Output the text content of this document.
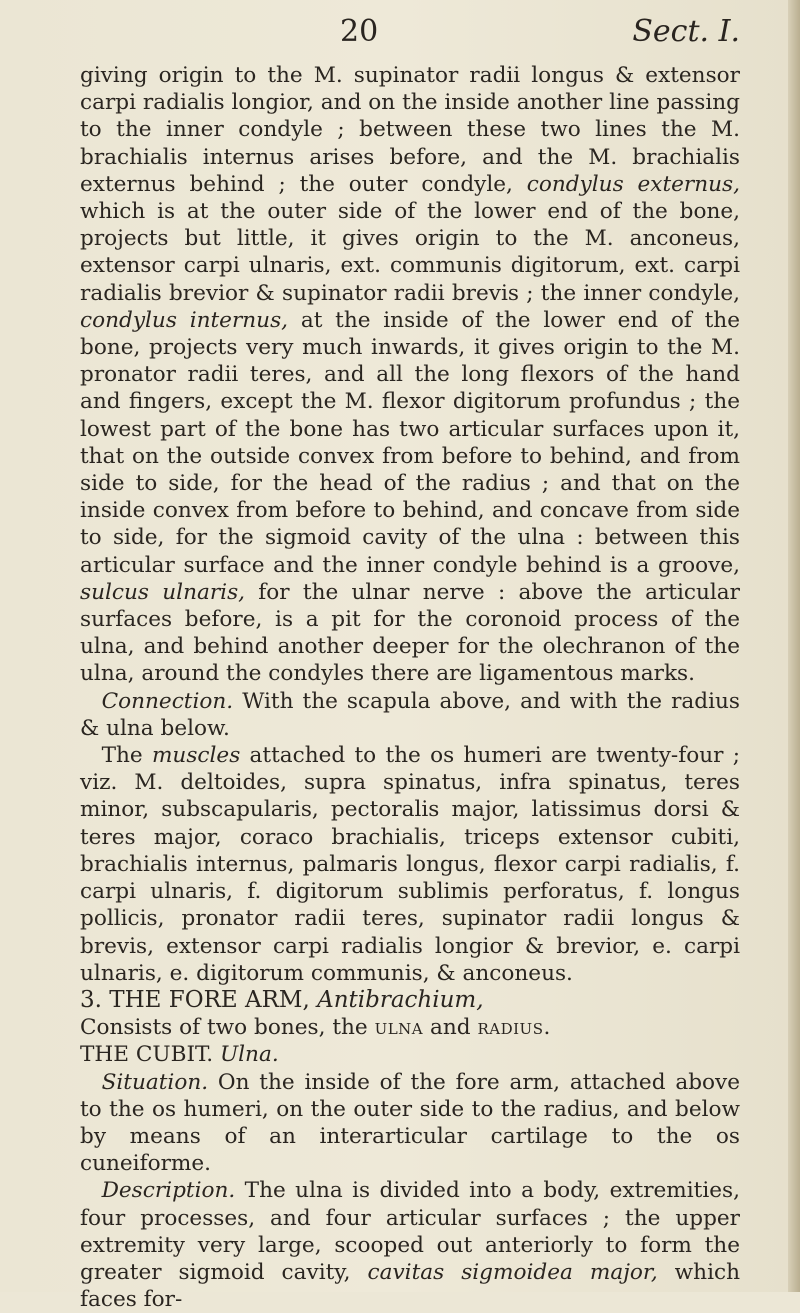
20	Sect. I.

giving origin to the M. supinator radii longus & extensor carpi radialis longior, and on the inside another line passing to the inner condyle ; between these two lines the M. brachialis internus arises before, and the M. brachialis externus behind ; the outer condyle, condylus externus, which is at the outer side of the lower end of the bone, projects but little, it gives origin to the M. anconeus, extensor carpi ulnaris, ext. communis digitorum, ext. carpi radialis brevior & supinator radii brevis ; the inner condyle, condylus internus, at the inside of the lower end of the bone, projects very much inwards, it gives origin to the M. pronator radii teres, and all the long flexors of the hand and fingers, except the M. flexor digitorum profundus ; the lowest part of the bone has two articular surfaces upon it, that on the outside convex from before to behind, and from side to side, for the head of the radius ; and that on the inside convex from before to behind, and concave from side to side, for the sigmoid cavity of the ulna : between this articular surface and the inner condyle behind is a groove, sulcus ulnaris, for the ulnar nerve : above the articular surfaces before, is a pit for the coronoid process of the ulna, and behind another deeper for the olechranon of the ulna, around the condyles there are ligamentous marks.

Connection. With the scapula above, and with the radius & ulna below.

The muscles attached to the os humeri are twenty-four ; viz. M. deltoides, supra spinatus, infra spinatus, teres minor, subscapularis, pectoralis major, latissimus dorsi & teres major, coraco brachialis, triceps extensor cubiti, brachialis internus, palmaris longus, flexor carpi radialis, f. carpi ulnaris, f. digitorum sublimis perforatus, f. longus pollicis, pronator radii teres, supinator radii longus & brevis, extensor carpi radialis longior & brevior, e. carpi ulnaris, e. digitorum communis, & anconeus.

3. THE FORE ARM, Antibrachium,

Consists of two bones, the ulna and radius.

THE CUBIT. Ulna.

Situation. On the inside of the fore arm, attached above to the os humeri, on the outer side to the radius, and below by means of an interarticular cartilage to the os cuneiforme.

Description. The ulna is divided into a body, extremities, four processes, and four articular surfaces ; the upper extremity very large, scooped out anteriorly to form the greater sigmoid cavity, cavitas sigmoidea major, which faces for-
